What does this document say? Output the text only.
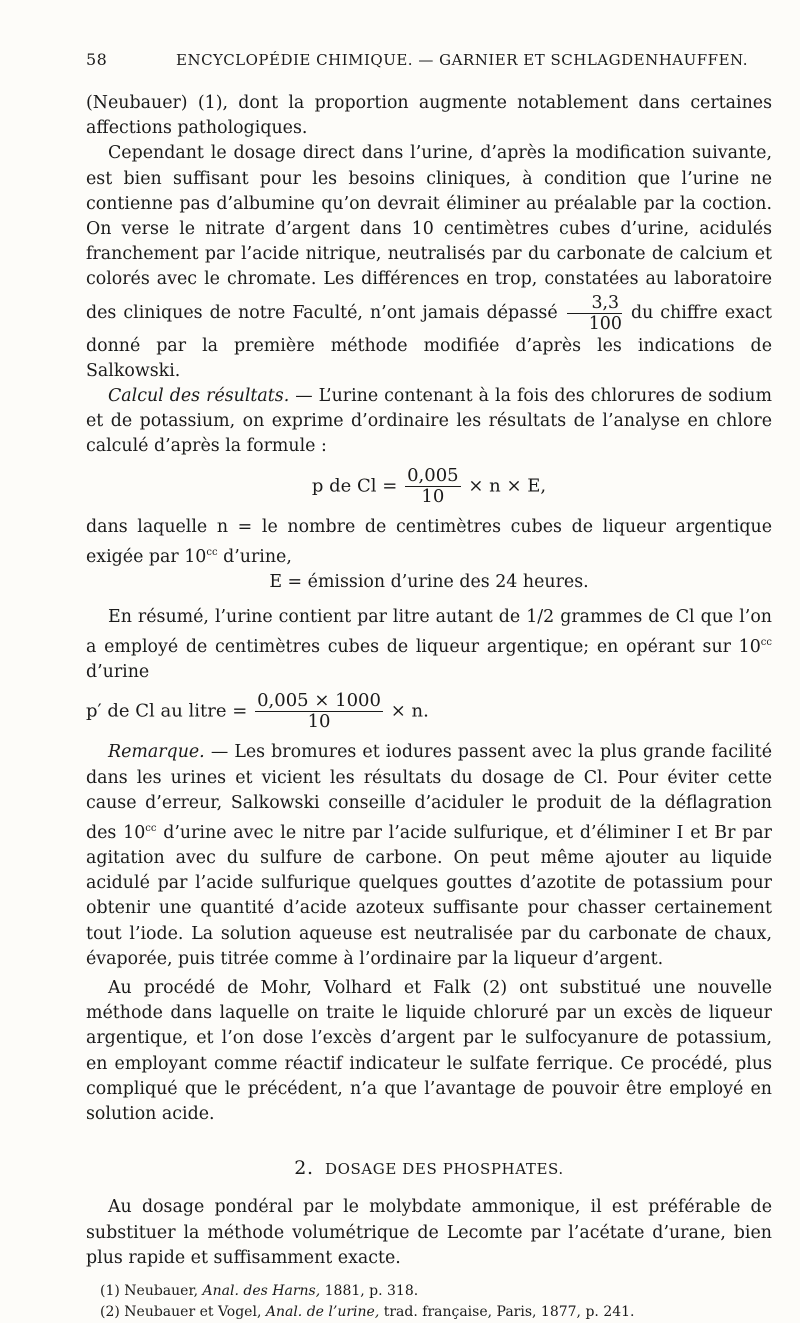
58	ENCYCLOPÉDIE CHIMIQUE. — GARNIER ET SCHLAGDENHAUFFEN.

(Neubauer) (1), dont la proportion augmente notablement dans certaines affections pathologiques.

Cependant le dosage direct dans l’urine, d’après la modification suivante, est bien suffisant pour les besoins cliniques, à condition que l’urine ne contienne pas d’albumine qu’on devrait éliminer au préalable par la coction. On verse le nitrate d’argent dans 10 centimètres cubes d’urine, acidulés franchement par l’acide nitrique, neutralisés par du carbonate de calcium et colorés avec le chromate. Les différences en trop, constatées au laboratoire des cliniques de notre Faculté, n’ont jamais dépassé $\frac{3,3}{100}$ du chiffre exact donné par la première méthode modifiée d’après les indications de Salkowski.

Calcul des résultats. — L’urine contenant à la fois des chlorures de sodium et de potassium, on exprime d’ordinaire les résultats de l’analyse en chlore calculé d’après la formule :

p de $Cl = \frac{0,005}{10} \times n \times E$,

dans laquelle n = le nombre de centimètres cubes de liqueur argentique exigée par $10^{cc}$ d’urine,

E = émission d’urine des 24 heures.

En résumé, l’urine contient par litre autant de 1/2 grammes de Cl que l’on a employé de centimètres cubes de liqueur argentique; en opérant sur $10^{cc}$ d’urine

p′ de Cl au litre = $\frac{0,005 \times 1000}{10} \times n$.

Remarque. — Les bromures et iodures passent avec la plus grande facilité dans les urines et vicient les résultats du dosage de Cl. Pour éviter cette cause d’erreur, Salkowski conseille d’aciduler le produit de la déflagration des $10^{cc}$ d’urine avec le nitre par l’acide sulfurique, et d’éliminer I et Br par agitation avec du sulfure de carbone. On peut même ajouter au liquide acidulé par l’acide sulfurique quelques gouttes d’azotite de potassium pour obtenir une quantité d’acide azoteux suffisante pour chasser certainement tout l’iode. La solution aqueuse est neutralisée par du carbonate de chaux, évaporée, puis titrée comme à l’ordinaire par la liqueur d’argent.

Au procédé de Mohr, Volhard et Falk (2) ont substitué une nouvelle méthode dans laquelle on traite le liquide chloruré par un excès de liqueur argentique, et l’on dose l’excès d’argent par le sulfocyanure de potassium, en employant comme réactif indicateur le sulfate ferrique. Ce procédé, plus compliqué que le précédent, n’a que l’avantage de pouvoir être employé en solution acide.

2. DOSAGE DES PHOSPHATES.

Au dosage pondéral par le molybdate ammonique, il est préférable de substituer la méthode volumétrique de Lecomte par l’acétate d’urane, bien plus rapide et suffisamment exacte.

(1) Neubauer, Anal. des Harns, 1881, p. 318.

(2) Neubauer et Vogel, Anal. de l’urine, trad. française, Paris, 1877, p. 241.
